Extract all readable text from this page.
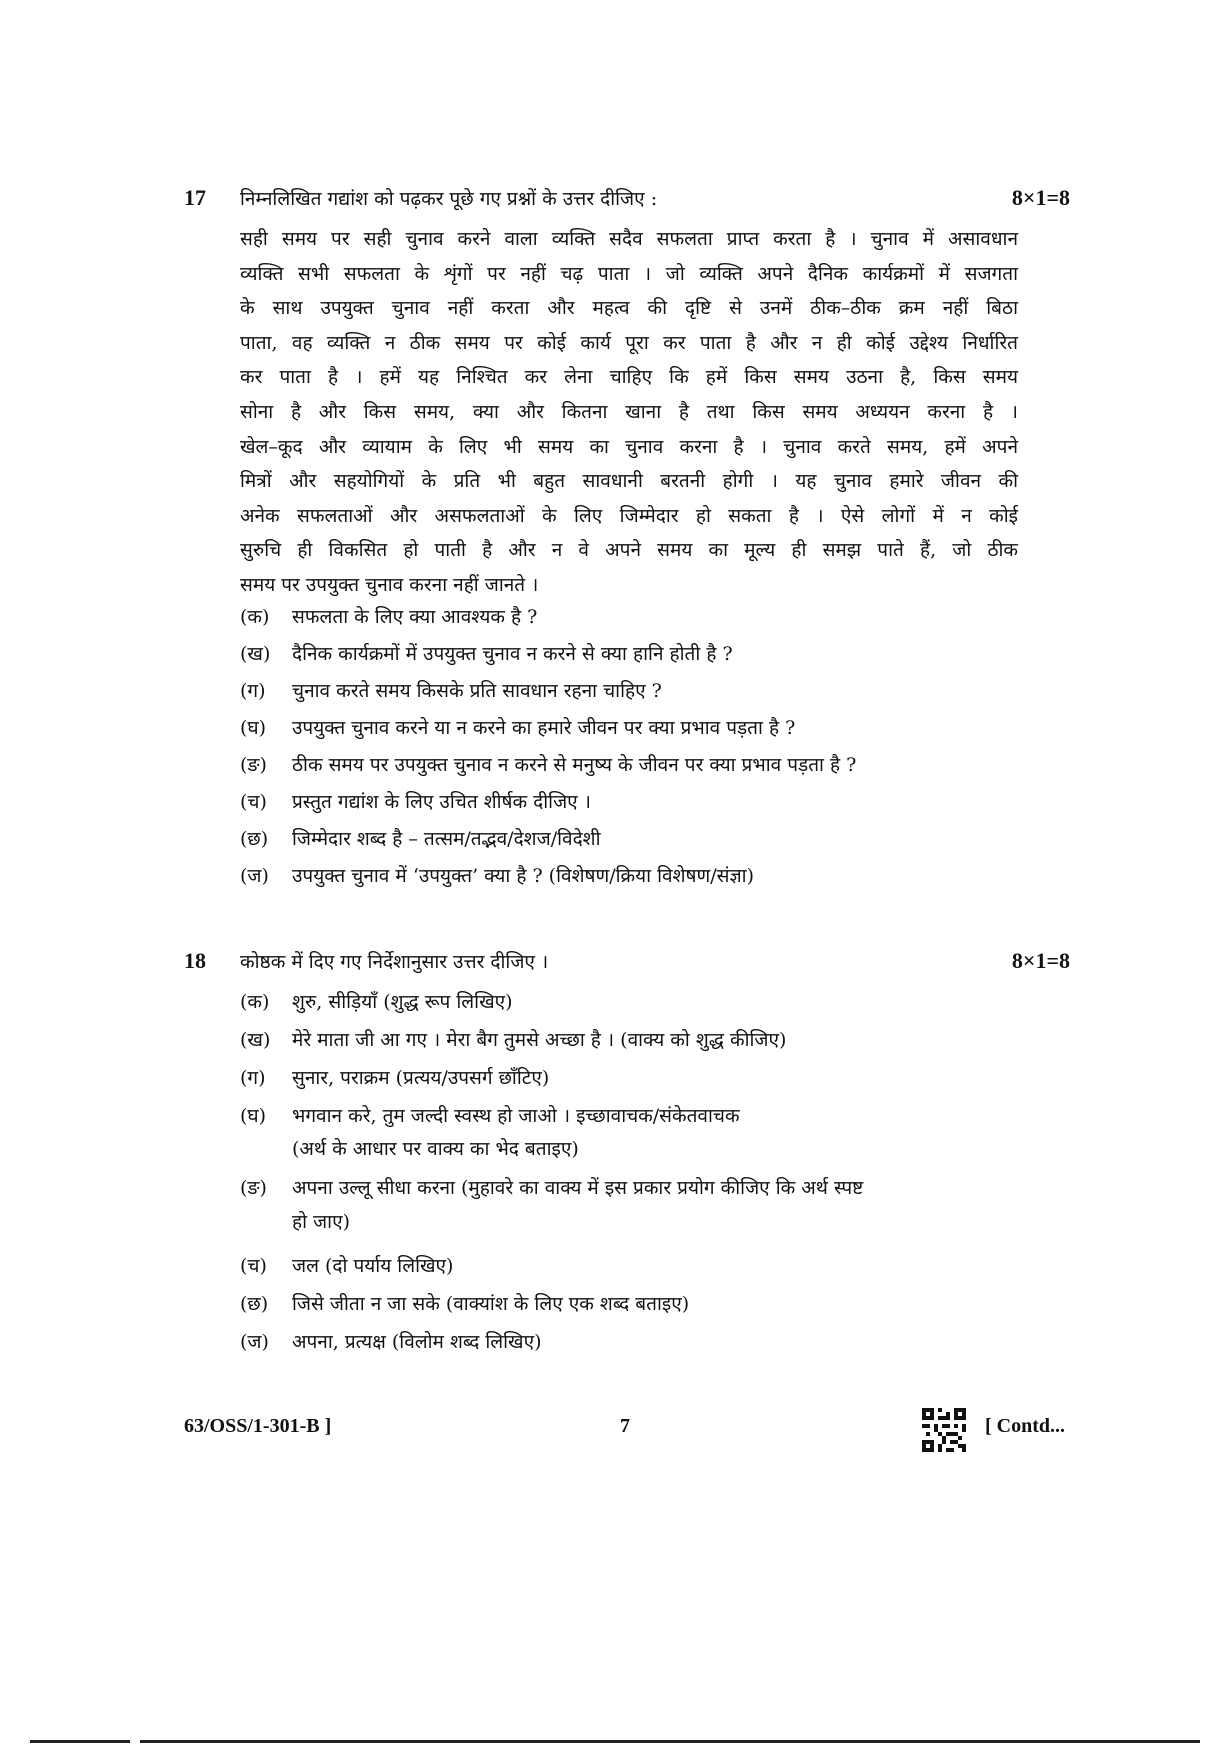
17 निम्नलिखित गद्यांश को पढ़कर पूछे गए प्रश्नों के उत्तर दीजिए :	8×1=8
सही समय पर सही चुनाव करने वाला व्यक्ति सदैव सफलता प्राप्त करता है । चुनाव में असावधान
व्यक्ति सभी सफलता के शृंगों पर नहीं चढ़ पाता । जो व्यक्ति अपने दैनिक कार्यक्रमों में सजगता
के साथ उपयुक्त चुनाव नहीं करता और महत्व की दृष्टि से उनमें ठीक–ठीक क्रम नहीं बिठा
पाता, वह व्यक्ति न ठीक समय पर कोई कार्य पूरा कर पाता है और न ही कोई उद्देश्य निर्धारित
कर पाता है । हमें यह निश्चित कर लेना चाहिए कि हमें किस समय उठना है, किस समय
सोना है और किस समय, क्या और कितना खाना है तथा किस समय अध्ययन करना है ।
खेल–कूद और व्यायाम के लिए भी समय का चुनाव करना है । चुनाव करते समय, हमें अपने
मित्रों और सहयोगियों के प्रति भी बहुत सावधानी बरतनी होगी । यह चुनाव हमारे जीवन की
अनेक सफलताओं और असफलताओं के लिए जिम्मेदार हो सकता है । ऐसे लोगों में न कोई
सुरुचि ही विकसित हो पाती है और न वे अपने समय का मूल्य ही समझ पाते हैं, जो ठीक
समय पर उपयुक्त चुनाव करना नहीं जानते ।
(क) सफलता के लिए क्या आवश्यक है ?
(ख) दैनिक कार्यक्रमों में उपयुक्त चुनाव न करने से क्या हानि होती है ?
(ग) चुनाव करते समय किसके प्रति सावधान रहना चाहिए ?
(घ) उपयुक्त चुनाव करने या न करने का हमारे जीवन पर क्या प्रभाव पड़ता है ?
(ङ) ठीक समय पर उपयुक्त चुनाव न करने से मनुष्य के जीवन पर क्या प्रभाव पड़ता है ?
(च) प्रस्तुत गद्यांश के लिए उचित शीर्षक दीजिए ।
(छ) जिम्मेदार शब्द है – तत्सम/तद्भव/देशज/विदेशी
(ज) उपयुक्त चुनाव में ‘उपयुक्त’ क्या है ? (विशेषण/क्रिया विशेषण/संज्ञा)
18 कोष्ठक में दिए गए निर्देशानुसार उत्तर दीजिए ।	8×1=8
(क) शुरु, सीड़ियाँ (शुद्ध रूप लिखिए)
(ख) मेरे माता जी आ गए । मेरा बैग तुमसे अच्छा है । (वाक्य को शुद्ध कीजिए)
(ग) सुनार, पराक्रम (प्रत्यय/उपसर्ग छाँटिए)
(घ) भगवान करे, तुम जल्दी स्वस्थ हो जाओ । इच्छावाचक/संकेतवाचक
(अर्थ के आधार पर वाक्य का भेद बताइए)
(ङ) अपना उल्लू सीधा करना (मुहावरे का वाक्य में इस प्रकार प्रयोग कीजिए कि अर्थ स्पष्ट
हो जाए)
(च) जल (दो पर्याय लिखिए)
(छ) जिसे जीता न जा सके (वाक्यांश के लिए एक शब्द बताइए)
(ज) अपना, प्रत्यक्ष (विलोम शब्द लिखिए)
63/OSS/1-301-B ]	7	[ Contd...
